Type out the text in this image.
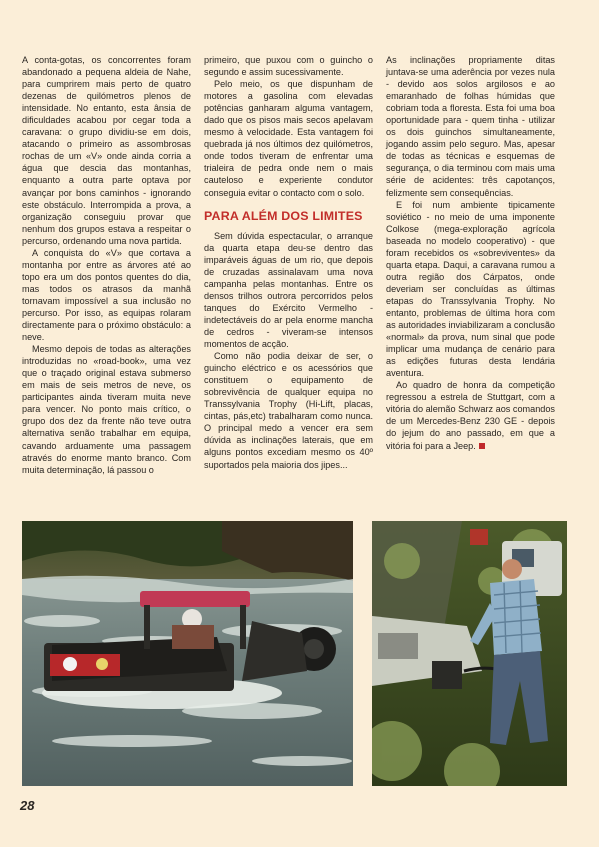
A conta-gotas, os concorrentes foram abandonado a pequena aldeia de Nahe, para cumprirem mais perto de quatro dezenas de quilómetros plenos de intensidade. No entanto, esta ânsia de dificuldades acabou por cegar toda a caravana: o grupo dividiu-se em dois, atacando o primeiro as assombrosas rochas de um «V» onde ainda corria a água que descia das montanhas, enquanto a outra parte optava por avançar por bons caminhos - ignorando este obstáculo. Interrompida a prova, a organização conseguiu provar que nenhum dos grupos estava a respeitar o percurso, ordenando uma nova partida.

A conquista do «V» que cortava a montanha por entre as árvores até ao topo era um dos pontos quentes do dia, mas todos os atrasos da manhã tornavam impossível a sua inclusão no percurso. Por isso, as equipas rolaram directamente para o próximo obstáculo: a neve.

Mesmo depois de todas as alterações introduzidas no «road-book», uma vez que o traçado original estava submerso em mais de seis metros de neve, os participantes ainda tiveram muita neve para vencer. No ponto mais crítico, o grupo dos dez da frente não teve outra alternativa senão trabalhar em equipa, cavando arduamente uma passagem através do enorme manto branco. Com muita determinação, lá passou o

primeiro, que puxou com o guincho o segundo e assim sucessivamente.

Pelo meio, os que dispunham de motores a gasolina com elevadas potências ganharam alguma vantagem, dado que os pisos mais secos apelavam mesmo à velocidade. Esta vantagem foi quebrada já nos últimos dez quilómetros, onde todos tiveram de enfrentar uma trialeira de pedra onde nem o mais cauteloso e experiente condutor conseguia evitar o contacto com o solo.

PARA ALÉM DOS LIMITES

Sem dúvida espectacular, o arranque da quarta etapa deu-se dentro das imparáveis águas de um rio, que depois de cruzadas assinalavam uma nova campanha pelas montanhas. Entre os densos trilhos outrora percorridos pelos tanques do Exército Vermelho - indetectáveis do ar pela enorme mancha de cedros - viveram-se intensos momentos de acção.

Como não podia deixar de ser, o guincho eléctrico e os acessórios que constituem o equipamento de sobrevivência de qualquer equipa no Transsylvania Trophy (Hi-Lift, placas, cintas, pás,etc) trabalharam como nunca. O principal medo a vencer era sem dúvida as inclinações laterais, que em alguns pontos excediam mesmo os 40º suportados pela maioria dos jipes...

As inclinações propriamente ditas juntava-se uma aderência por vezes nula - devido aos solos argilosos e ao emaranhado de folhas húmidas que cobriam toda a floresta. Esta foi uma boa oportunidade para - quem tinha - utilizar os dois guinchos simultaneamente, jogando assim pelo seguro. Mas, apesar de todas as técnicas e esquemas de segurança, o dia terminou com mais uma série de acidentes: três capotanços, felizmente sem consequências.

E foi num ambiente tipicamente soviético - no meio de uma imponente Colkose (mega-exploração agrícola baseada no modelo cooperativo) - que foram recebidos os «sobreviventes» da quarta etapa. Daqui, a caravana rumou a outra região dos Cárpatos, onde deveriam ser concluídas as últimas etapas do Transsylvania Trophy. No entanto, problemas de última hora com as autoridades inviabilizaram a conclusão «normal» da prova, num sinal que pode implicar uma mudança de cenário para as edições futuras desta lendária aventura.

Ao quadro de honra da competição regressou a estrela de Stuttgart, com a vitória do alemão Schwarz aos comandos de um Mercedes-Benz 230 GE - depois do jejum do ano passado, em que a vitória foi para a Jeep.

28
